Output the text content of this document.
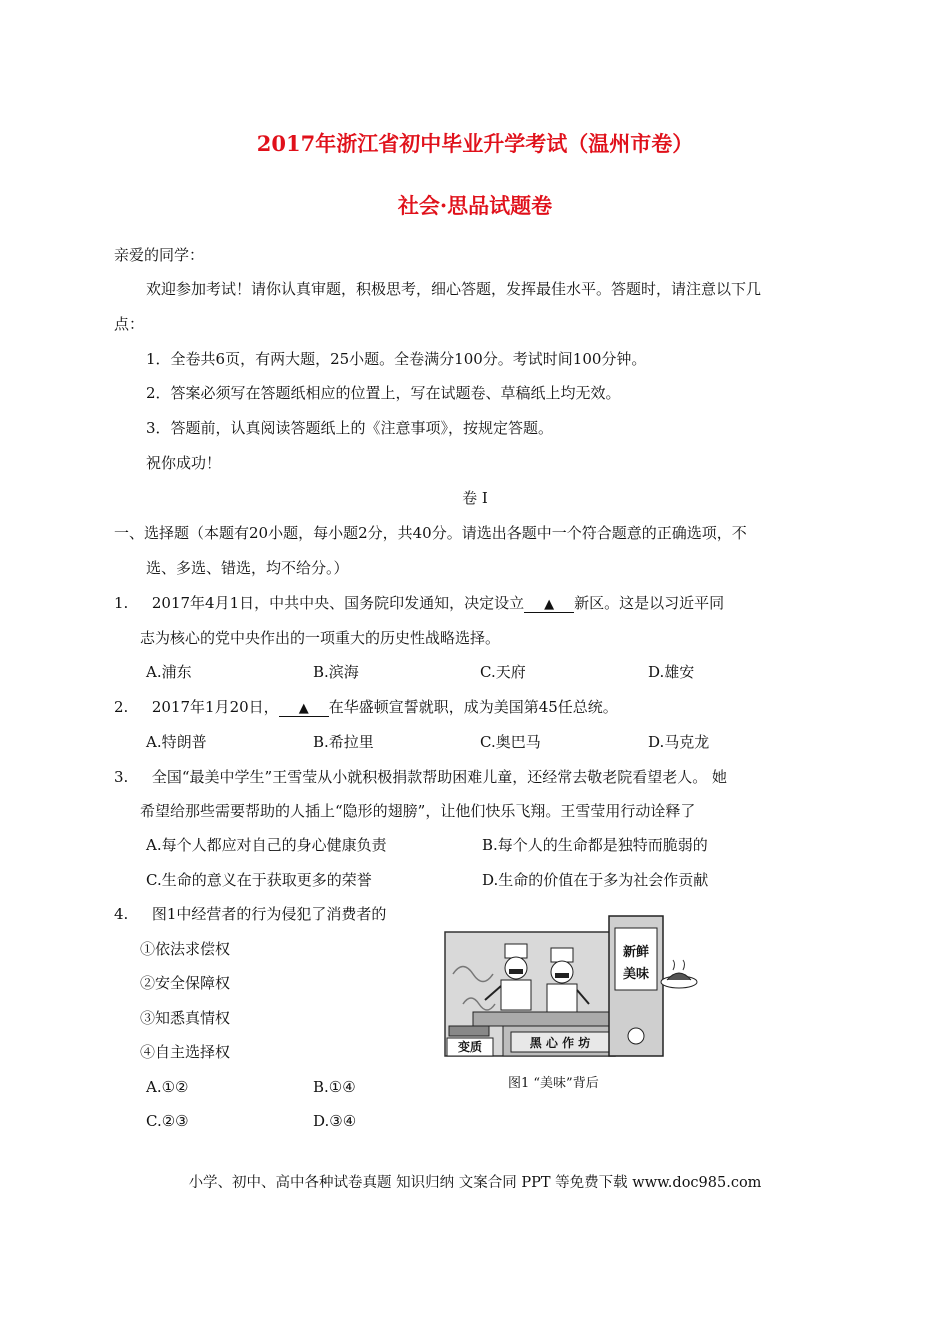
2017年浙江省初中毕业升学考试（温州市卷）
社会·思品试题卷
亲爱的同学：
欢迎参加考试！请你认真审题，积极思考，细心答题，发挥最佳水平。答题时，请注意以下几
点：
1．全卷共6页，有两大题，25小题。全卷满分100分。考试时间100分钟。
2．答案必须写在答题纸相应的位置上，写在试题卷、草稿纸上均无效。
3．答题前，认真阅读答题纸上的《注意事项》，按规定答题。
祝你成功！
卷 Ⅰ
一、选择题（本题有20小题，每小题2分，共40分。请选出各题中一个符合题意的正确选项，不
选、多选、错选，均不给分。）
1. 2017年4月1日，中共中央、国务院印发通知，决定设立 ▲ 新区。这是以习近平同
志为核心的党中央作出的一项重大的历史性战略选择。
A.浦东	B.滨海	C.天府	D.雄安
2. 2017年1月20日， ▲ 在华盛顿宣誓就职，成为美国第45任总统。
A.特朗普	B.希拉里	C.奥巴马	D.马克龙
3. 全国“最美中学生”王雪莹从小就积极捐款帮助困难儿童，还经常去敬老院看望老人。 她
希望给那些需要帮助的人插上“隐形的翅膀”，让他们快乐飞翔。王雪莹用行动诠释了
A.每个人都应对自己的身心健康负责	B.每个人的生命都是独特而脆弱的
C.生命的意义在于获取更多的荣誉	D.生命的价值在于多为社会作贡献
4. 图1中经营者的行为侵犯了消费者的
①依法求偿权
②安全保障权
③知悉真情权
④自主选择权
A.①②	B.①④
C.②③	D.③④
黑 心 作 坊
变质
新鲜
美味
图1 “美味”背后
小学、初中、高中各种试卷真题 知识归纳 文案合同 PPT 等免费下载 www.doc985.com
